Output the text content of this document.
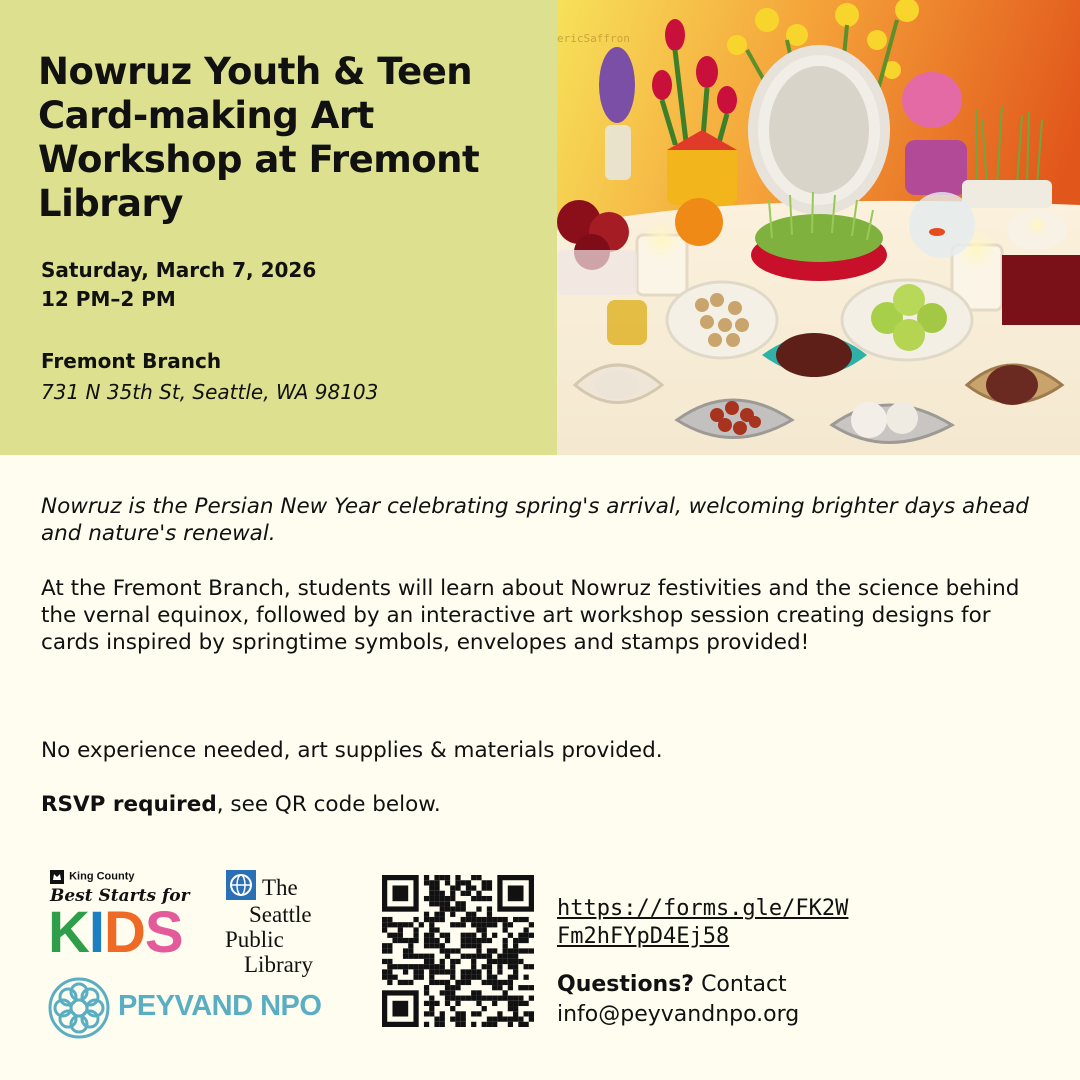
Nowruz Youth & Teen Card-making Art Workshop at Fremont Library
Saturday, March 7, 2026
12 PM–2 PM
Fremont Branch
731 N 35th St, Seattle, WA 98103
ericSaffron

Nowruz is the Persian New Year celebrating spring's arrival, welcoming brighter days ahead and nature's renewal.

At the Fremont Branch, students will learn about Nowruz festivities and the science behind the vernal equinox, followed by an interactive art workshop session creating designs for cards inspired by springtime symbols, envelopes and stamps provided!

No experience needed, art supplies & materials provided.

RSVP required, see QR code below.

King County
Best Starts for
KIDS
The
Seattle
Public
Library
PEYVAND NPO
https://forms.gle/FK2W
Fm2hFYpD4Ej58
Questions? Contact
info@peyvandnpo.org
